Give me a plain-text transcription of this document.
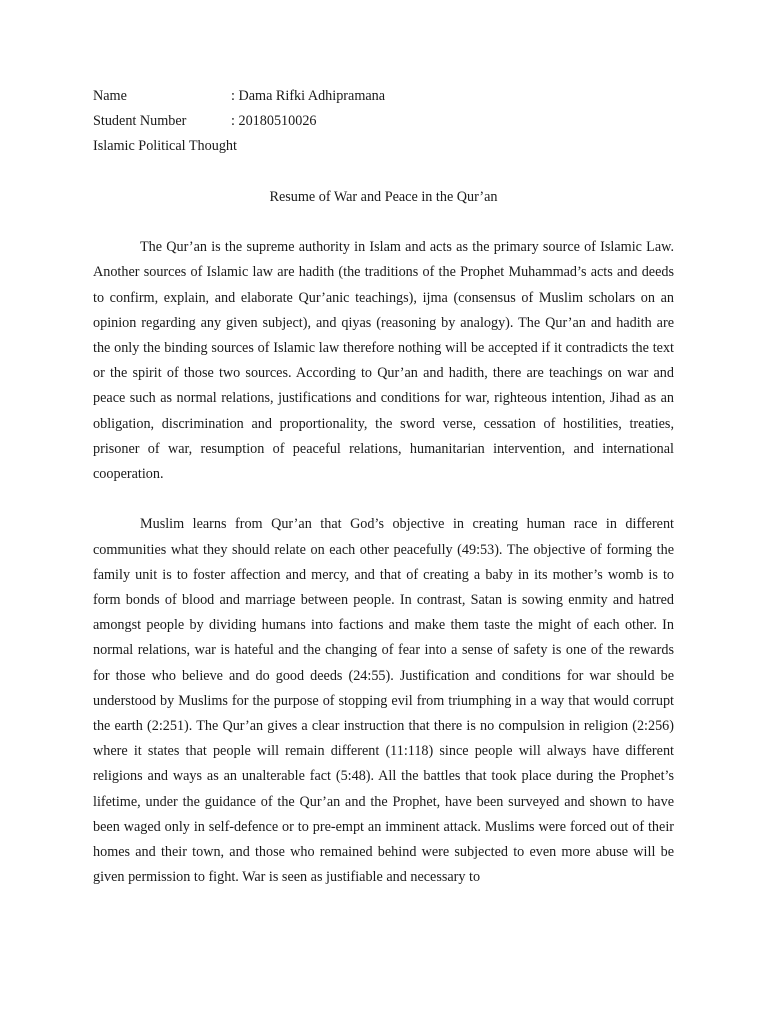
Name	: Dama Rifki Adhipramana
Student Number	: 20180510026
Islamic Political Thought
Resume of War and Peace in the Qur’an

The Qur’an is the supreme authority in Islam and acts as the primary source of Islamic Law. Another sources of Islamic law are hadith (the traditions of the Prophet Muhammad’s acts and deeds to confirm, explain, and elaborate Qur’anic teachings), ijma (consensus of Muslim scholars on an opinion regarding any given subject), and qiyas (reasoning by analogy). The Qur’an and hadith are the only the binding sources of Islamic law therefore nothing will be accepted if it contradicts the text or the spirit of those two sources. According to Qur’an and hadith, there are teachings on war and peace such as normal relations, justifications and conditions for war, righteous intention, Jihad as an obligation, discrimination and proportionality, the sword verse, cessation of hostilities, treaties, prisoner of war, resumption of peaceful relations, humanitarian intervention, and international cooperation.

Muslim learns from Qur’an that God’s objective in creating human race in different communities what they should relate on each other peacefully (49:53). The objective of forming the family unit is to foster affection and mercy, and that of creating a baby in its mother’s womb is to form bonds of blood and marriage between people. In contrast, Satan is sowing enmity and hatred amongst people by dividing humans into factions and make them taste the might of each other. In normal relations, war is hateful and the changing of fear into a sense of safety is one of the rewards for those who believe and do good deeds (24:55). Justification and conditions for war should be understood by Muslims for the purpose of stopping evil from triumphing in a way that would corrupt the earth (2:251). The Qur’an gives a clear instruction that there is no compulsion in religion (2:256) where it states that people will remain different (11:118) since people will always have different religions and ways as an unalterable fact (5:48). All the battles that took place during the Prophet’s lifetime, under the guidance of the Qur’an and the Prophet, have been surveyed and shown to have been waged only in self-defence or to pre-empt an imminent attack. Muslims were forced out of their homes and their town, and those who remained behind were subjected to even more abuse will be given permission to fight. War is seen as justifiable and necessary to
